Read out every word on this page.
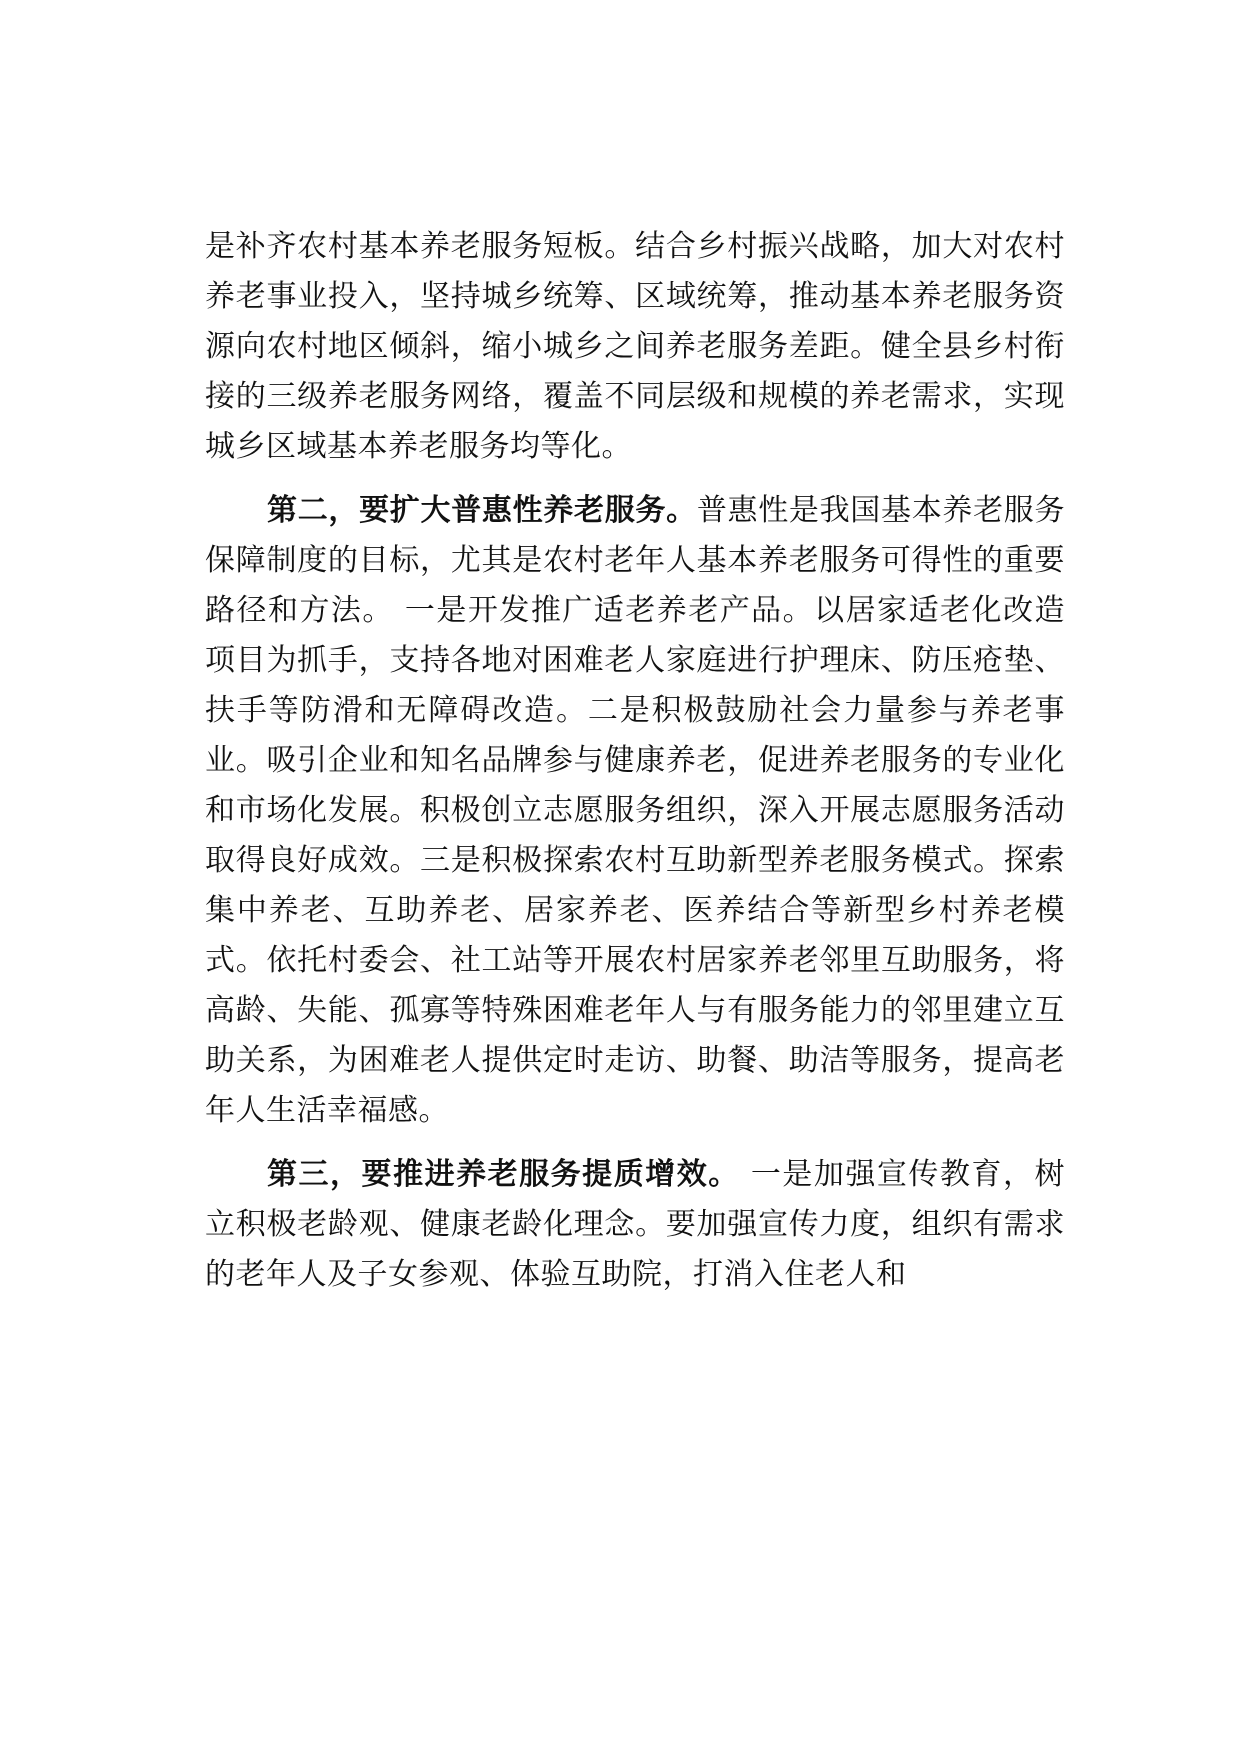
是补齐农村基本养老服务短板。结合乡村振兴战略，加大对农村养老事业投入，坚持城乡统筹、区域统筹，推动基本养老服务资源向农村地区倾斜，缩小城乡之间养老服务差距。健全县乡村衔接的三级养老服务网络，覆盖不同层级和规模的养老需求，实现城乡区域基本养老服务均等化。

第二，要扩大普惠性养老服务。普惠性是我国基本养老服务保障制度的目标，尤其是农村老年人基本养老服务可得性的重要路径和方法。 一是开发推广适老养老产品。以居家适老化改造项目为抓手，支持各地对困难老人家庭进行护理床、防压疮垫、扶手等防滑和无障碍改造。二是积极鼓励社会力量参与养老事业。吸引企业和知名品牌参与健康养老，促进养老服务的专业化和市场化发展。积极创立志愿服务组织，深入开展志愿服务活动取得良好成效。三是积极探索农村互助新型养老服务模式。探索集中养老、互助养老、居家养老、医养结合等新型乡村养老模式。依托村委会、社工站等开展农村居家养老邻里互助服务，将高龄、失能、孤寡等特殊困难老年人与有服务能力的邻里建立互助关系，为困难老人提供定时走访、助餐、助洁等服务，提高老年人生活幸福感。

第三，要推进养老服务提质增效。 一是加强宣传教育，树立积极老龄观、健康老龄化理念。要加强宣传力度，组织有需求的老年人及子女参观、体验互助院，打消入住老人和
